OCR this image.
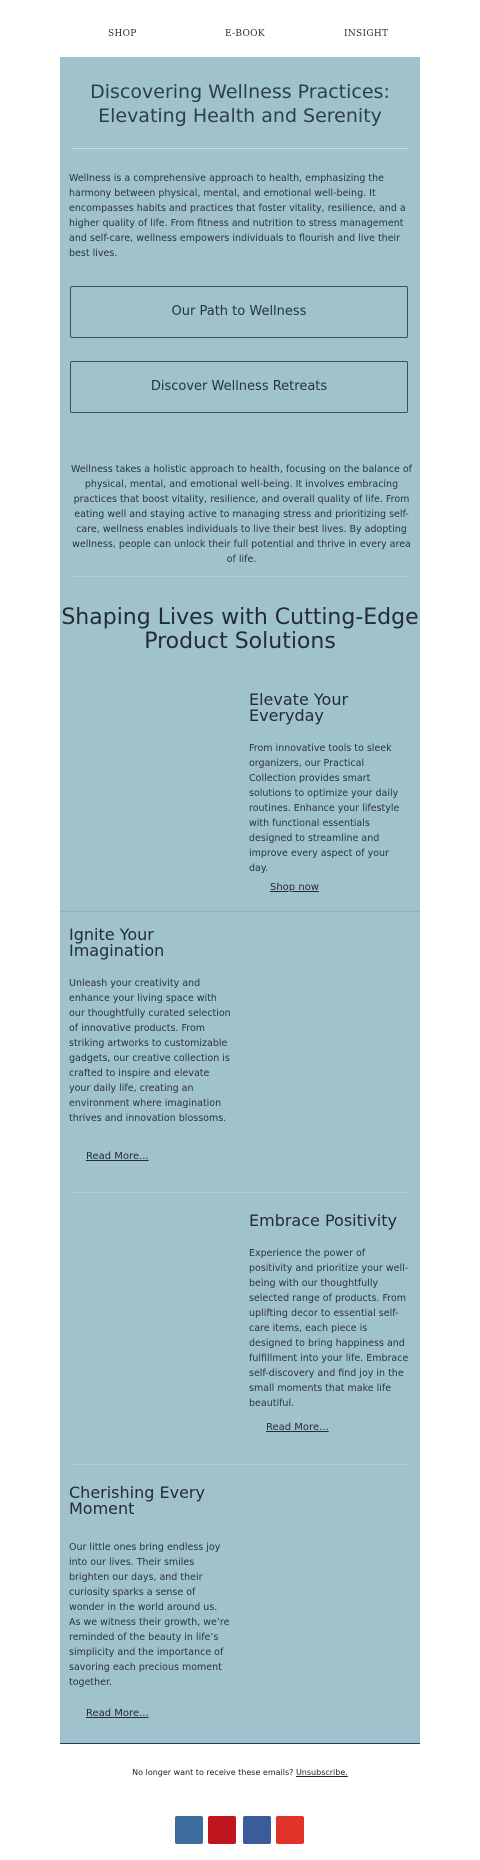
SHOP	E-BOOK	INSIGHT
Discovering Wellness Practices: Elevating Health and Serenity
Wellness is a comprehensive approach to health, emphasizing the harmony between physical, mental, and emotional well-being. It encompasses habits and practices that foster vitality, resilience, and a higher quality of life. From fitness and nutrition to stress management and self-care, wellness empowers individuals to flourish and live their best lives.
Our Path to Wellness
Discover Wellness Retreats
Wellness takes a holistic approach to health, focusing on the balance of physical, mental, and emotional well-being. It involves embracing practices that boost vitality, resilience, and overall quality of life. From eating well and staying active to managing stress and prioritizing self-care, wellness enables individuals to live their best lives. By adopting wellness, people can unlock their full potential and thrive in every area of life.
Shaping Lives with Cutting-Edge Product Solutions
Elevate Your Everyday
From innovative tools to sleek organizers, our Practical Collection provides smart solutions to optimize your daily routines. Enhance your lifestyle with functional essentials designed to streamline and improve every aspect of your day.
Shop now
Ignite Your Imagination
Unleash your creativity and enhance your living space with our thoughtfully curated selection of innovative products. From striking artworks to customizable gadgets, our creative collection is crafted to inspire and elevate your daily life, creating an environment where imagination thrives and innovation blossoms.
Read More...
Embrace Positivity
Experience the power of positivity and prioritize your well-being with our thoughtfully selected range of products. From uplifting decor to essential self-care items, each piece is designed to bring happiness and fulfillment into your life. Embrace self-discovery and find joy in the small moments that make life beautiful.
Read More...
Cherishing Every Moment
Our little ones bring endless joy into our lives. Their smiles brighten our days, and their curiosity sparks a sense of wonder in the world around us. As we witness their growth, we’re reminded of the beauty in life’s simplicity and the importance of savoring each precious moment together.
Read More...
No longer want to receive these emails? Unsubscribe.
